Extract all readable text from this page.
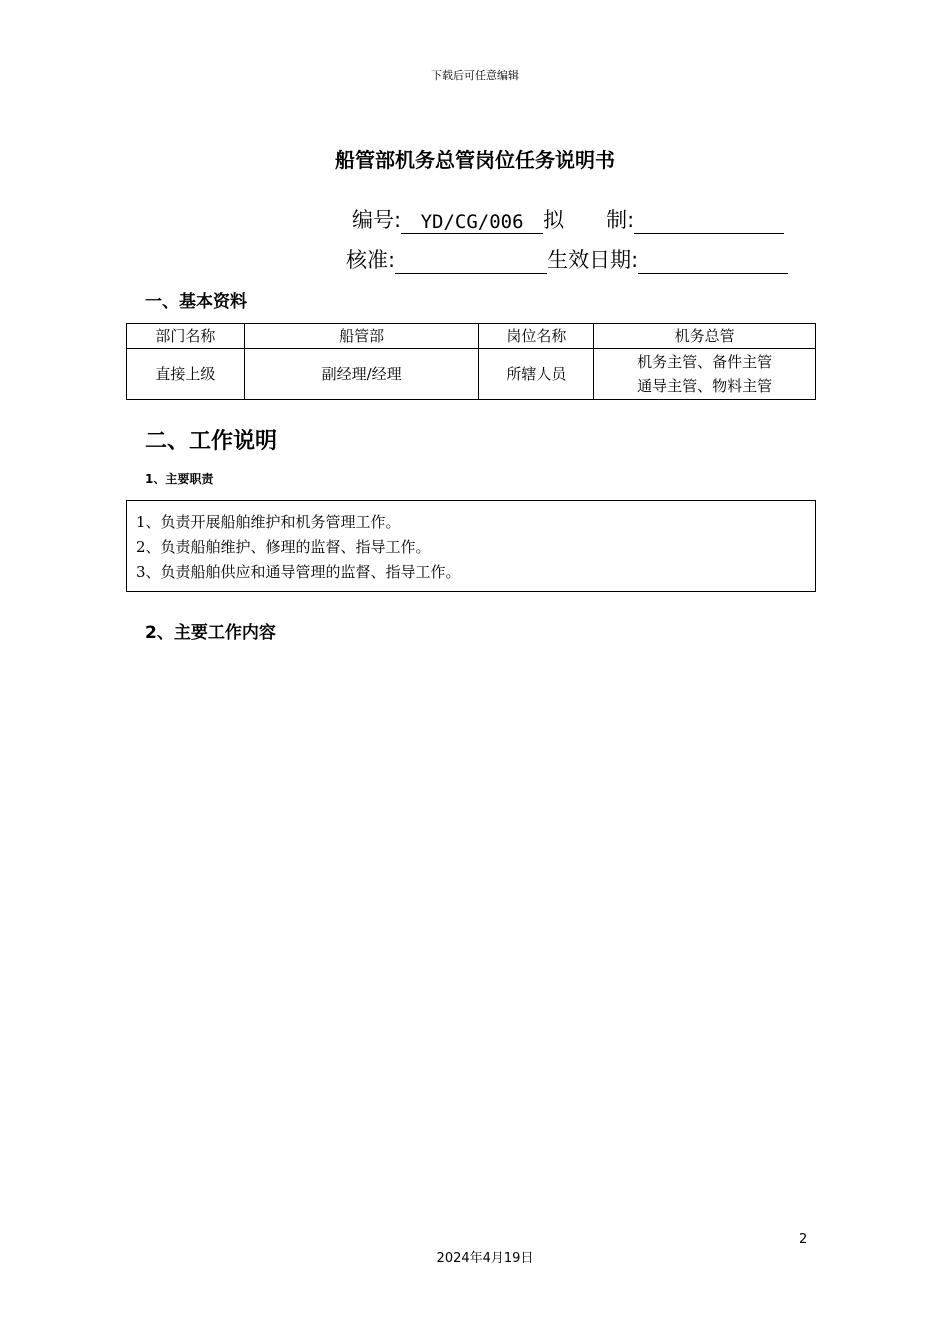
下载后可任意编辑
船管部机务总管岗位任务说明书
编号: YD/CG/006 拟　　制:
核准:	生效日期:
一、基本资料
部门名称	船管部	岗位名称	机务总管
直接上级	副经理/经理	所辖人员	机务主管、备件主管
通导主管、物料主管
二、工作说明
1、主要职责
1、负责开展船舶维护和机务管理工作。
2、负责船舶维护、修理的监督、指导工作。
3、负责船舶供应和通导管理的监督、指导工作。
2、主要工作内容
2
2024年4月19日
